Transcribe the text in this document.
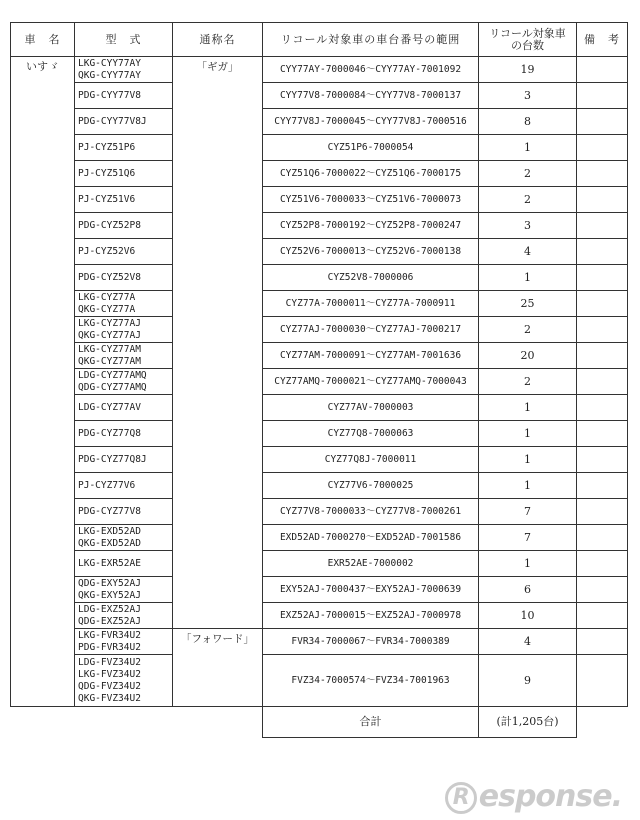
車　名	型　式	通称名	リコール対象車の車台番号の範囲	リコール対象車
の台数	備　考
いすゞ	LKG-CYY77AY
QKG-CYY77AY	「ギガ」	CYY77AY-7000046～CYY77AY-7001092	19	

	PDG-CYY77V8		CYY77V8-7000084～CYY77V8-7000137	3	

	PDG-CYY77V8J		CYY77V8J-7000045～CYY77V8J-7000516	8	

	PJ-CYZ51P6		CYZ51P6-7000054	1	

	PJ-CYZ51Q6		CYZ51Q6-7000022～CYZ51Q6-7000175	2	

	PJ-CYZ51V6		CYZ51V6-7000033～CYZ51V6-7000073	2	

	PDG-CYZ52P8		CYZ52P8-7000192～CYZ52P8-7000247	3	

	PJ-CYZ52V6		CYZ52V6-7000013～CYZ52V6-7000138	4	

	PDG-CYZ52V8		CYZ52V8-7000006	1	

	LKG-CYZ77A
QKG-CYZ77A		CYZ77A-7000011～CYZ77A-7000911	25	

	LKG-CYZ77AJ
QKG-CYZ77AJ		CYZ77AJ-7000030～CYZ77AJ-7000217	2	

	LKG-CYZ77AM
QKG-CYZ77AM		CYZ77AM-7000091～CYZ77AM-7001636	20	

	LDG-CYZ77AMQ
QDG-CYZ77AMQ		CYZ77AMQ-7000021～CYZ77AMQ-7000043	2	

	LDG-CYZ77AV		CYZ77AV-7000003	1	

	PDG-CYZ77Q8		CYZ77Q8-7000063	1	

	PDG-CYZ77Q8J		CYZ77Q8J-7000011	1	

	PJ-CYZ77V6		CYZ77V6-7000025	1	

	PDG-CYZ77V8		CYZ77V8-7000033～CYZ77V8-7000261	7	

	LKG-EXD52AD
QKG-EXD52AD		EXD52AD-7000270～EXD52AD-7001586	7	

	LKG-EXR52AE		EXR52AE-7000002	1	

	QDG-EXY52AJ
QKG-EXY52AJ		EXY52AJ-7000437～EXY52AJ-7000639	6	

	LDG-EXZ52AJ
QDG-EXZ52AJ		EXZ52AJ-7000015～EXZ52AJ-7000978	10	

	LKG-FVR34U2
PDG-FVR34U2	「フォワード」	FVR34-7000067～FVR34-7000389	4	

	LDG-FVZ34U2
LKG-FVZ34U2
QDG-FVZ34U2
QKG-FVZ34U2		FVZ34-7000574～FVZ34-7001963	9	
			合計	(計1,205台)	
R esponse.
